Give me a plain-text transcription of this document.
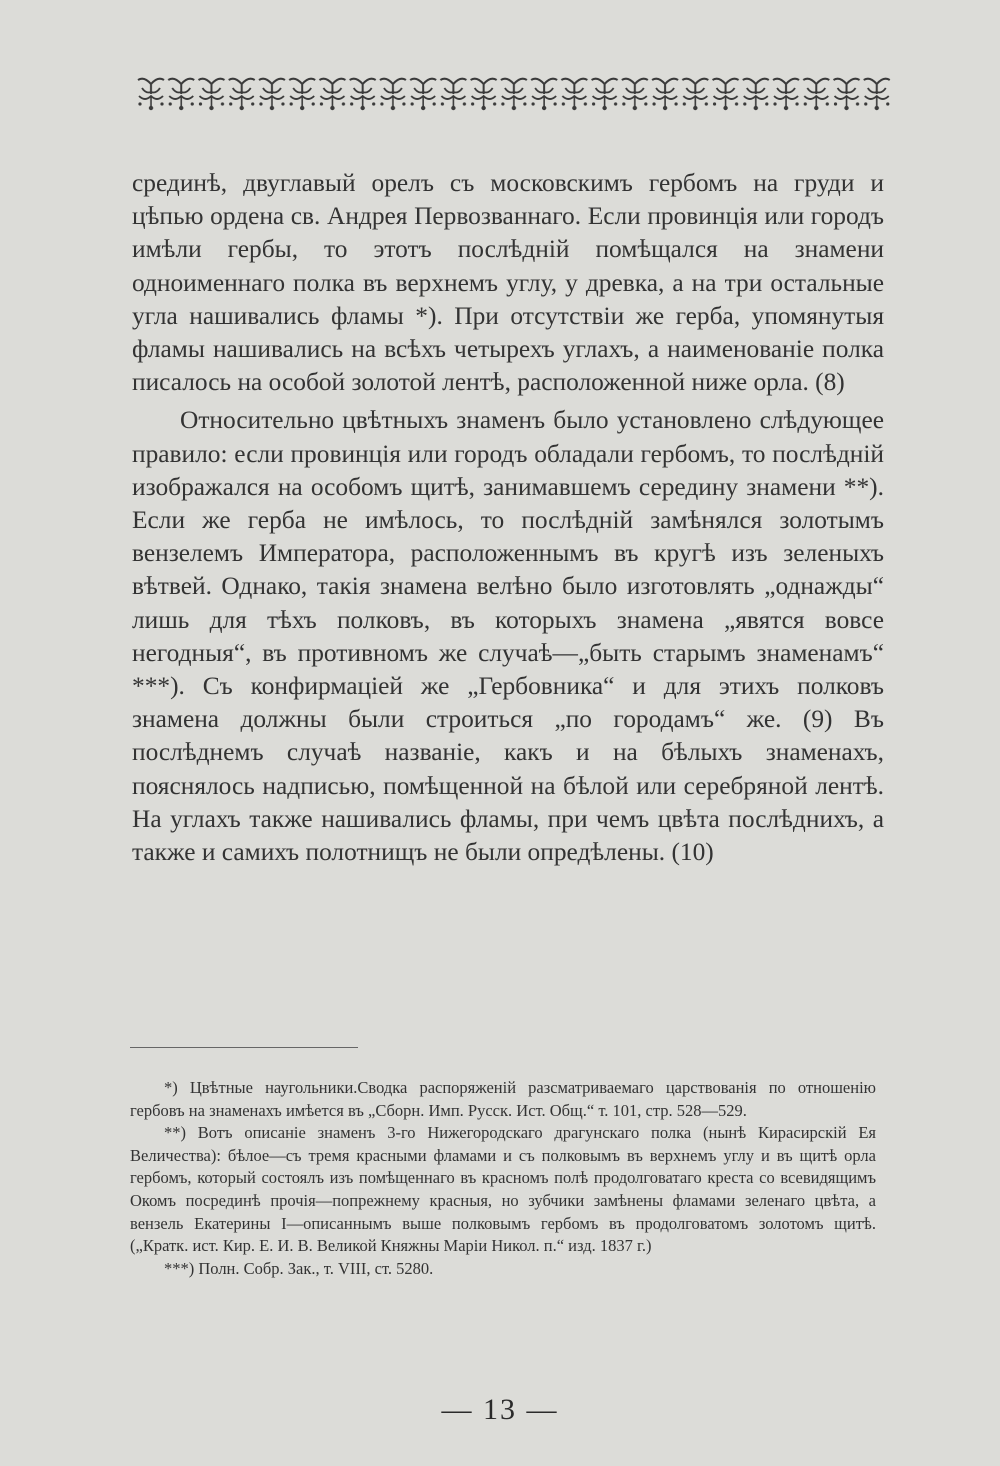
срединѣ, двуглавый орелъ съ московскимъ гербомъ на груди и цѣпью ордена св. Андрея Первозваннаго. Если провинція или городъ имѣли гербы, то этотъ послѣдній помѣщался на знамени одноименнаго полка въ верхнемъ углу, у древка, а на три остальные угла нашивались фламы *). При отсутствіи же герба, упомянутыя фламы нашивались на всѣхъ четырехъ углахъ, а наименованіе полка писалось на особой золотой лентѣ, расположенной ниже орла. (8)

Относительно цвѣтныхъ знаменъ было установлено слѣдующее правило: если провинція или городъ обладали гербомъ, то послѣдній изображался на особомъ щитѣ, занимавшемъ середину знамени **). Если же герба не имѣлось, то послѣдній замѣнялся золотымъ вензелемъ Императора, расположеннымъ въ кругѣ изъ зеленыхъ вѣтвей. Однако, такія знамена велѣно было изготовлять „однажды“ лишь для тѣхъ полковъ, въ которыхъ знамена „явятся вовсе негодныя“, въ противномъ же случаѣ—„быть старымъ знаменамъ“ ***). Съ конфирмаціей же „Гербовника“ и для этихъ полковъ знамена должны были строиться „по городамъ“ же. (9) Въ послѣднемъ случаѣ названіе, какъ и на бѣлыхъ знаменахъ, пояснялось надписью, помѣщенной на бѣлой или серебряной лентѣ. На углахъ также нашивались фламы, при чемъ цвѣта послѣднихъ, а также и самихъ полотнищъ не были опредѣлены. (10)

*) Цвѣтные наугольники.Сводка распоряженій разсматриваемаго царствованія по отношенію гербовъ на знаменахъ имѣется въ „Сборн. Имп. Русск. Ист. Общ.“ т. 101, стр. 528—529.

**) Вотъ описаніе знаменъ 3-го Нижегородскаго драгунскаго полка (нынѣ Кирасирскій Ея Величества): бѣлое—съ тремя красными фламами и съ полковымъ въ верхнемъ углу и въ щитѣ орла гербомъ, который состоялъ изъ помѣщеннаго въ красномъ полѣ продолговатаго креста со всевидящимъ Окомъ посрединѣ прочія—попрежнему красныя, но зубчики замѣнены фламами зеленаго цвѣта, а вензель Екатерины I—описаннымъ выше полковымъ гербомъ въ продолговатомъ золотомъ щитѣ. („Кратк. ист. Кир. Е. И. В. Великой Княжны Маріи Никол. п.“ изд. 1837 г.)

***) Полн. Собр. Зак., т. VIII, ст. 5280.

— 13 —
